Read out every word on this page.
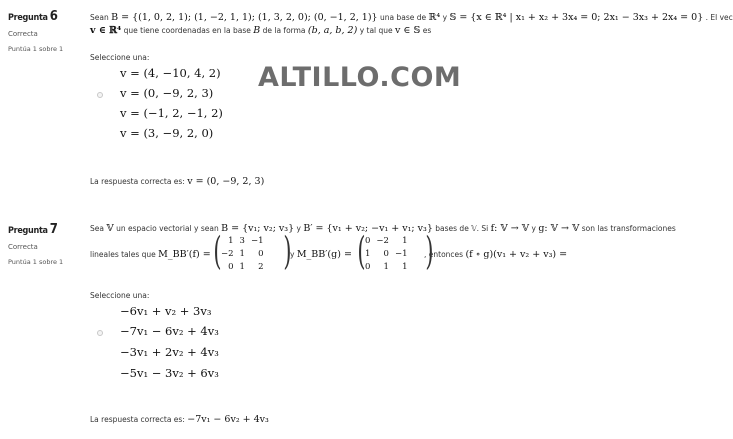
Pregunta 6
Correcta
Puntúa 1 sobre 1
Sean B = {(1, 0, 2, 1); (1, −2, 1, 1); (1, 3, 2, 0); (0, −1, 2, 1)} una base de ℝ⁴ y 𝕊 = {x ∈ ℝ⁴ | x₁ + x₂ + 3x₄ = 0; 2x₁ − 3x₃ + 2x₄ = 0} . El vec
v ∈ ℝ⁴ que tiene coordenadas en la base B de la forma (b, a, b, 2) y tal que v ∈ 𝕊 es
Seleccione una:
v = (4, −10, 4, 2)
v = (0, −9, 2, 3)
v = (−1, 2, −1, 2)
v = (3, −9, 2, 0)
La respuesta correcta es: v = (0, −9, 2, 3)
ALTILLO.COM
Pregunta 7
Correcta
Puntúa 1 sobre 1
Sea 𝕍 un espacio vectorial y sean B = {v₁; v₂; v₃} y B′ = {v₁ + v₂; −v₁ + v₁; v₃} bases de 𝕍. Si f: 𝕍 → 𝕍 y g: 𝕍 → 𝕍 son las transformaciones
lineales tales que M_BB′(f) = ( 1	3	−1
−2	1	0
0	1	2 )
y M_BB′(g) = ( 0	−2	1
1	0	−1
0	1	1 )
, entonces (f ∘ g)(v₁ + v₂ + v₃) =
Seleccione una:
−6v₁ + v₂ + 3v₃
−7v₁ − 6v₂ + 4v₃
−3v₁ + 2v₂ + 4v₃
−5v₁ − 3v₂ + 6v₃
La respuesta correcta es: −7v₁ − 6v₂ + 4v₃
